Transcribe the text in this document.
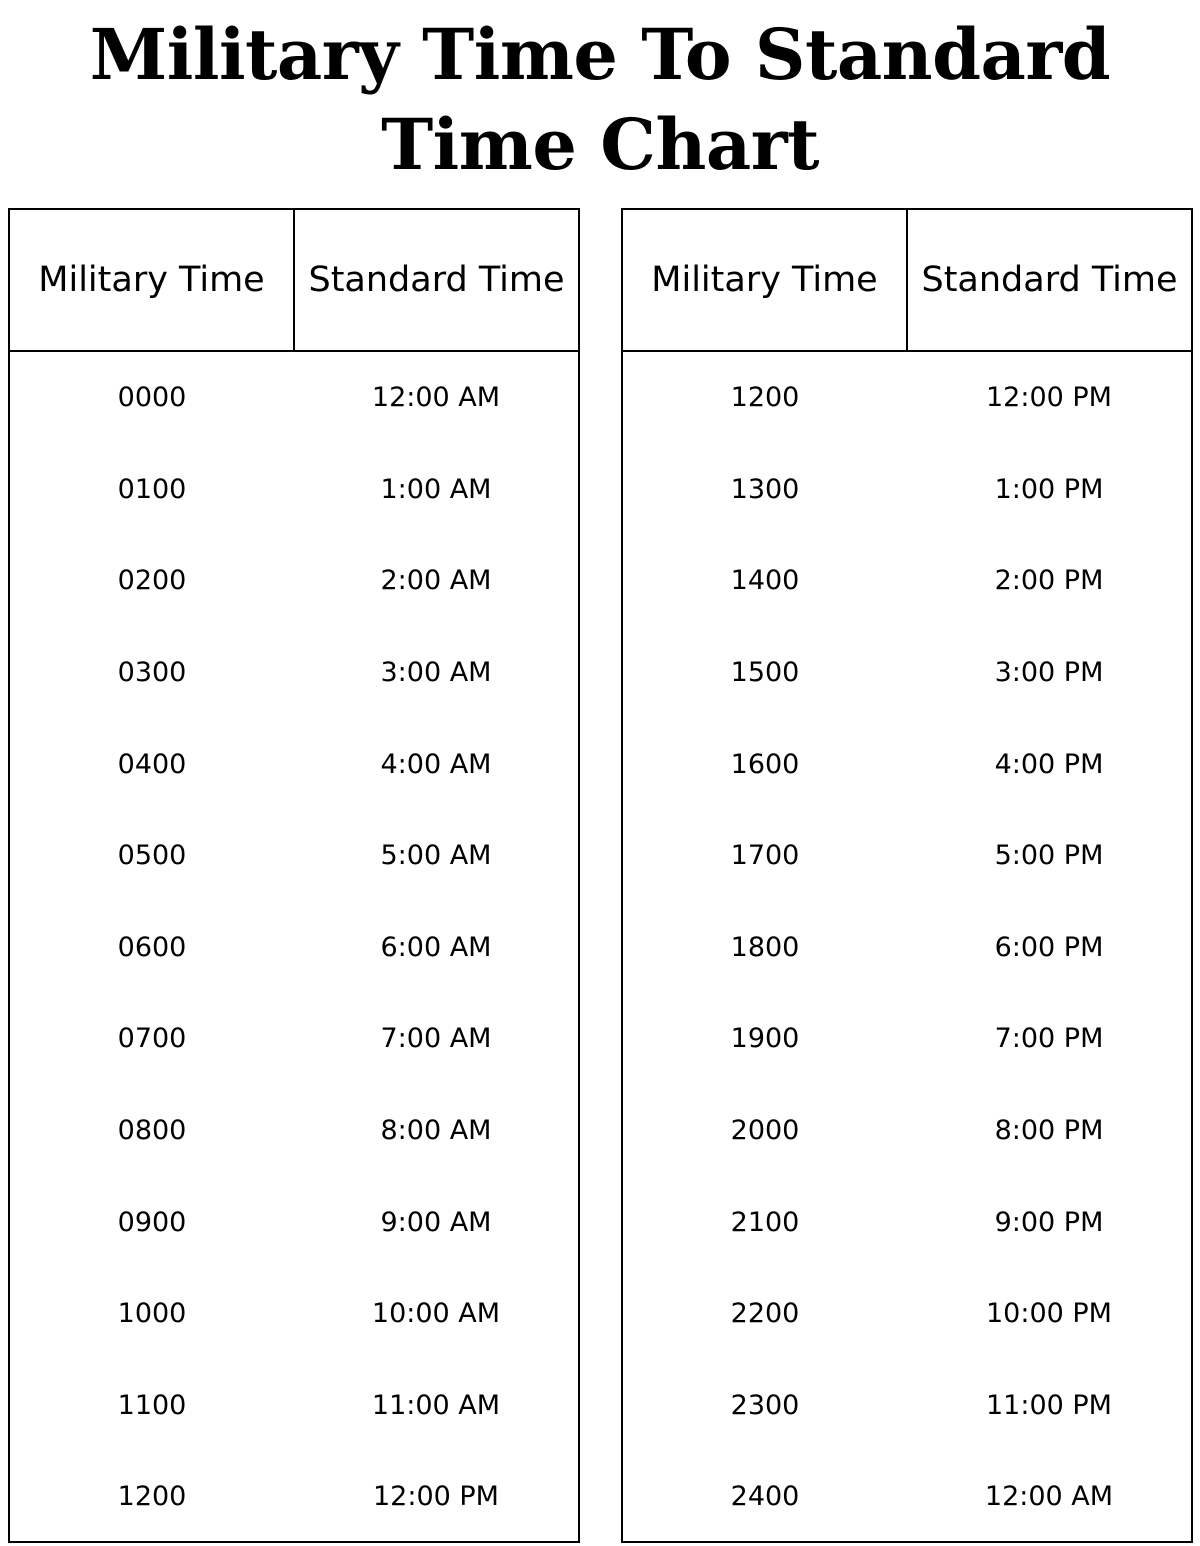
Military Time To Standard Time Chart
Military Time	Standard Time
0000	12:00 AM
0100	1:00 AM
0200	2:00 AM
0300	3:00 AM
0400	4:00 AM
0500	5:00 AM
0600	6:00 AM
0700	7:00 AM
0800	8:00 AM
0900	9:00 AM
1000	10:00 AM
1100	11:00 AM
1200	12:00 PM
Military Time	Standard Time
1200	12:00 PM
1300	1:00 PM
1400	2:00 PM
1500	3:00 PM
1600	4:00 PM
1700	5:00 PM
1800	6:00 PM
1900	7:00 PM
2000	8:00 PM
2100	9:00 PM
2200	10:00 PM
2300	11:00 PM
2400	12:00 AM
